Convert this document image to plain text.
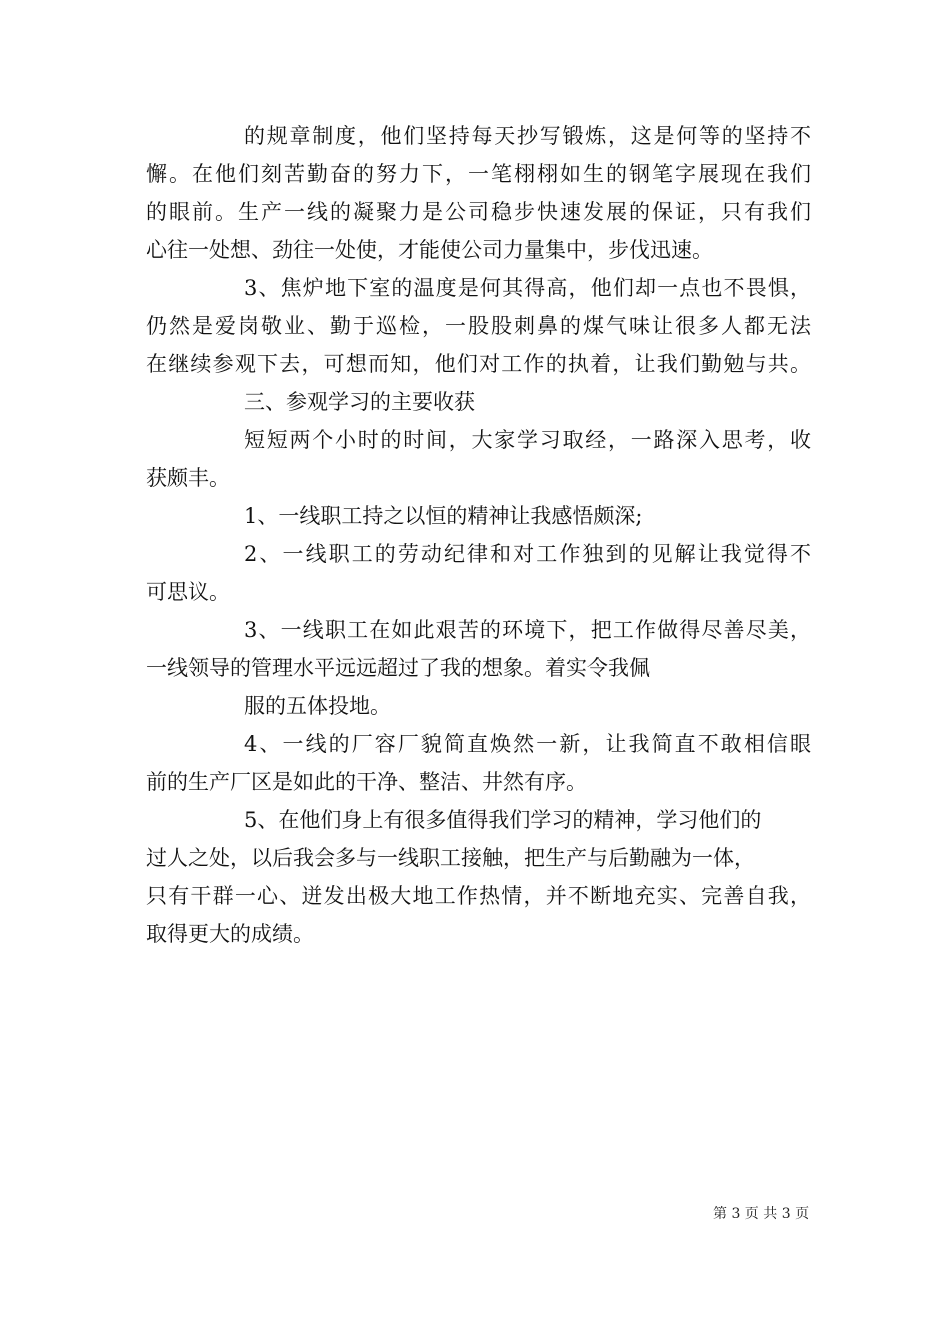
的规章制度，他们坚持每天抄写锻炼，这是何等的坚持不
懈。在他们刻苦勤奋的努力下，一笔栩栩如生的钢笔字展现在我们
的眼前。生产一线的凝聚力是公司稳步快速发展的保证，只有我们
心往一处想、劲往一处使，才能使公司力量集中，步伐迅速。
3、焦炉地下室的温度是何其得高，他们却一点也不畏惧，
仍然是爱岗敬业、勤于巡检，一股股刺鼻的煤气味让很多人都无法
在继续参观下去，可想而知，他们对工作的执着，让我们勤勉与共。
三、参观学习的主要收获
短短两个小时的时间，大家学习取经，一路深入思考，收
获颇丰。
1、一线职工持之以恒的精神让我感悟颇深;
2、一线职工的劳动纪律和对工作独到的见解让我觉得不
可思议。
3、一线职工在如此艰苦的环境下，把工作做得尽善尽美，
一线领导的管理水平远远超过了我的想象。着实令我佩
服的五体投地。
4、一线的厂容厂貌简直焕然一新，让我简直不敢相信眼
前的生产厂区是如此的干净、整洁、井然有序。
5、在他们身上有很多值得我们学习的精神，学习他们的
过人之处，以后我会多与一线职工接触，把生产与后勤融为一体，
只有干群一心、迸发出极大地工作热情，并不断地充实、完善自我，
取得更大的成绩。
第 3 页 共 3 页
